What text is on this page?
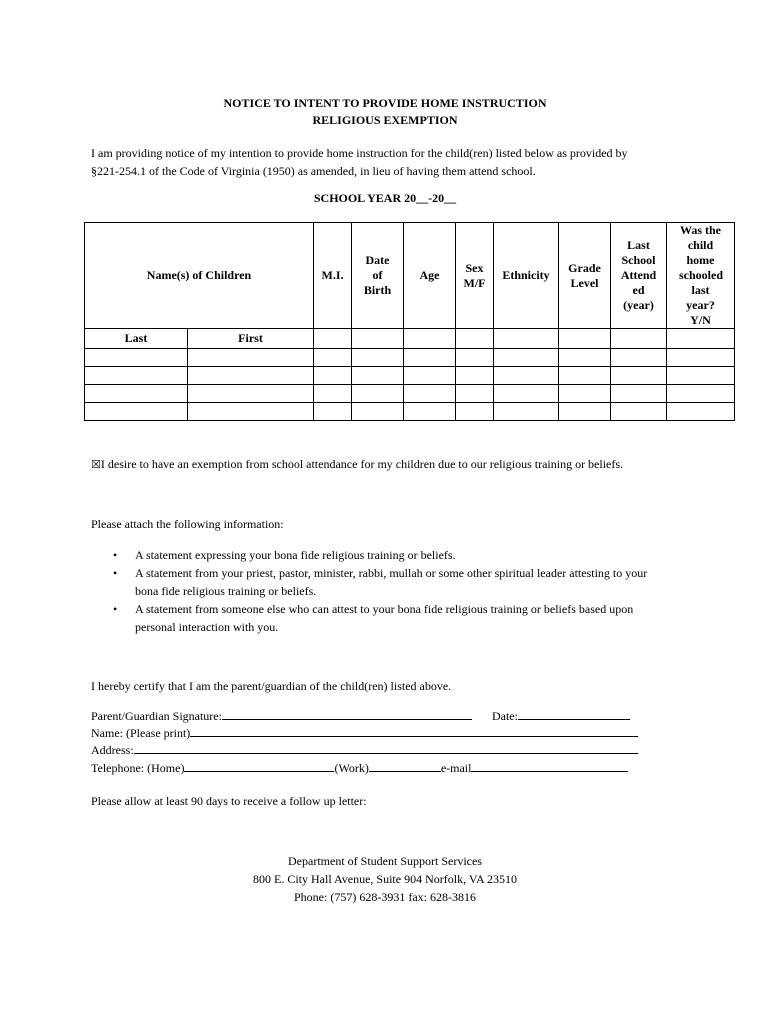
NOTICE TO INTENT TO PROVIDE HOME INSTRUCTION
RELIGIOUS EXEMPTION
I am providing notice of my intention to provide home instruction for the child(ren) listed below as provided by
§221-254.1 of the Code of Virginia (1950) as amended, in lieu of having them attend school.
SCHOOL YEAR 20__-20__
Name(s) of Children		M.I.	Date of Birth	Age	Sex M/F	Ethnicity	Grade Level	Last School Attend ed (year)	Was the child home schooled last year? Y/N
Last	First								

☒I desire to have an exemption from school attendance for my children due to our religious training or beliefs.
Please attach the following information:
• A statement expressing your bona fide religious training or beliefs.
• A statement from your priest, pastor, minister, rabbi, mullah or some other spiritual leader attesting to your
bona fide religious training or beliefs.
• A statement from someone else who can attest to your bona fide religious training or beliefs based upon
personal interaction with you.
I hereby certify that I am the parent/guardian of the child(ren) listed above.
Parent/Guardian Signature:	Date:
Name: (Please print)
Address:
Telephone: (Home)	(Work)	e-mail
Please allow at least 90 days to receive a follow up letter:
Department of Student Support Services
800 E. City Hall Avenue, Suite 904 Norfolk, VA 23510
Phone: (757) 628-3931 fax: 628-3816
